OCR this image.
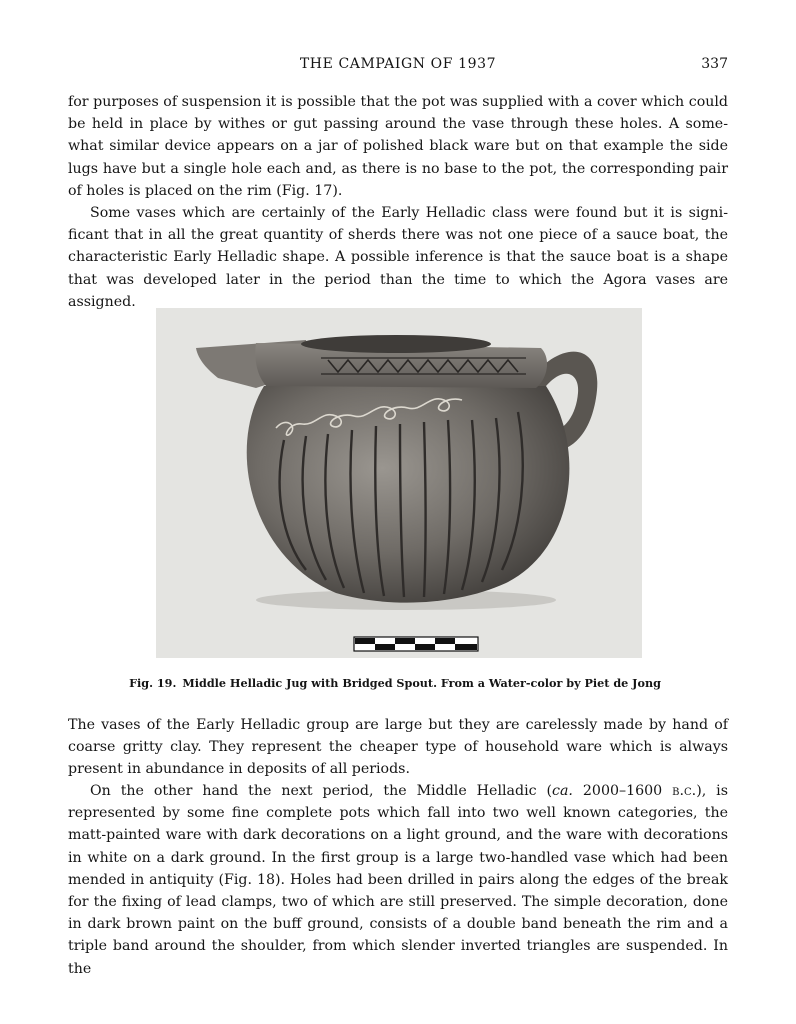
THE CAMPAIGN OF 1937	337

for purposes of suspension it is possible that the pot was supplied with a cover which could be held in place by withes or gut passing around the vase through these holes. A some-what similar device appears on a jar of polished black ware but on that example the side lugs have but a single hole each and, as there is no base to the pot, the corresponding pair of holes is placed on the rim (Fig. 17).

Some vases which are certainly of the Early Helladic class were found but it is signi-ficant that in all the great quantity of sherds there was not one piece of a sauce boat, the characteristic Early Helladic shape. A possible inference is that the sauce boat is a shape that was developed later in the period than the time to which the Agora vases are assigned.

Fig. 19. Middle Helladic Jug with Bridged Spout. From a Water-color by Piet de Jong

The vases of the Early Helladic group are large but they are carelessly made by hand of coarse gritty clay. They represent the cheaper type of household ware which is always present in abundance in deposits of all periods.

On the other hand the next period, the Middle Helladic (ca. 2000–1600 b.c.), is represented by some fine complete pots which fall into two well known categories, the matt-painted ware with dark decorations on a light ground, and the ware with decorations in white on a dark ground. In the first group is a large two-handled vase which had been mended in antiquity (Fig. 18). Holes had been drilled in pairs along the edges of the break for the fixing of lead clamps, two of which are still preserved. The simple decoration, done in dark brown paint on the buff ground, consists of a double band beneath the rim and a triple band around the shoulder, from which slender inverted triangles are suspended. In the
